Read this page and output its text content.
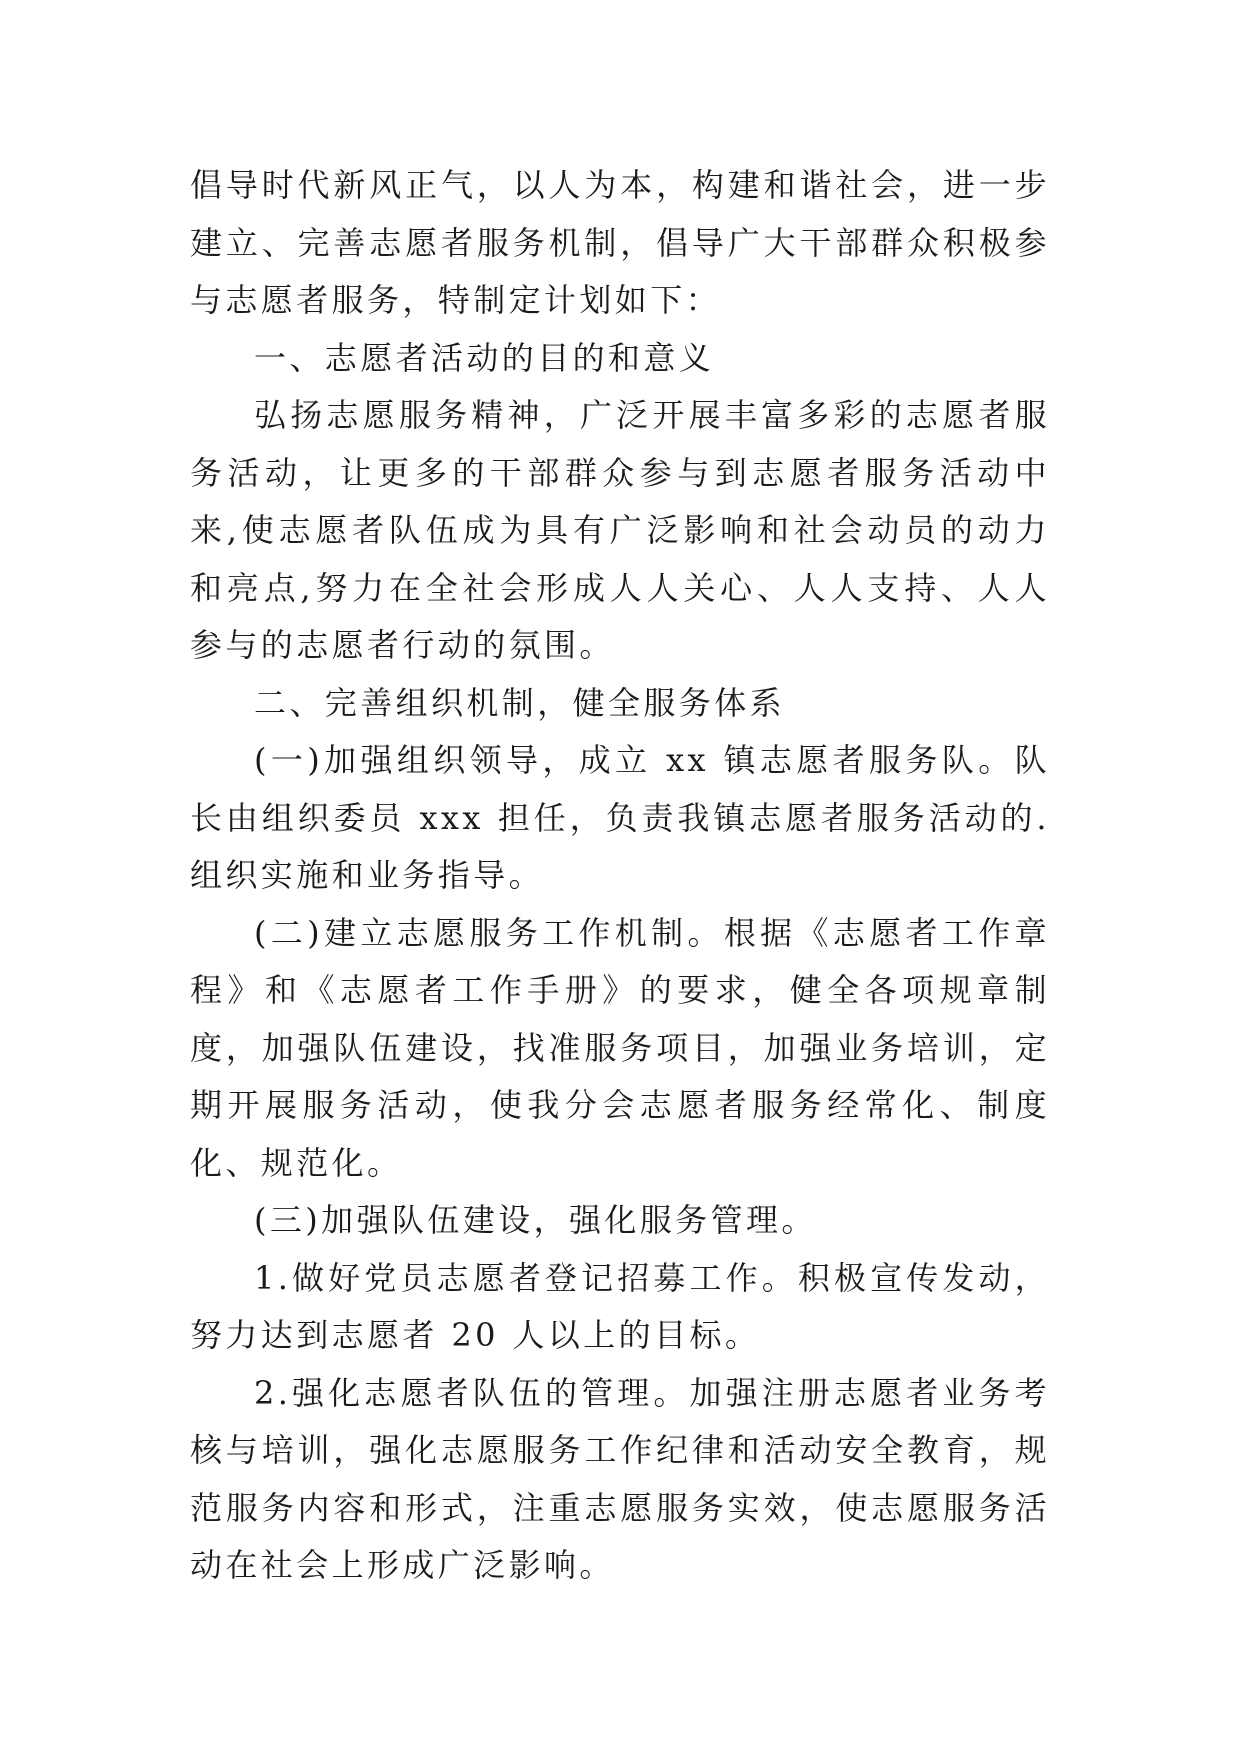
倡导时代新风正气，以人为本，构建和谐社会，进一步建立、完善志愿者服务机制，倡导广大干部群众积极参与志愿者服务，特制定计划如下：

一、志愿者活动的目的和意义

弘扬志愿服务精神，广泛开展丰富多彩的志愿者服务活动，让更多的干部群众参与到志愿者服务活动中来,使志愿者队伍成为具有广泛影响和社会动员的动力和亮点,努力在全社会形成人人关心、人人支持、人人参与的志愿者行动的氛围。

二、完善组织机制，健全服务体系

(一)加强组织领导，成立 xx 镇志愿者服务队。队长由组织委员 xxx 担任，负责我镇志愿者服务活动的.组织实施和业务指导。

(二)建立志愿服务工作机制。根据《志愿者工作章程》和《志愿者工作手册》的要求，健全各项规章制度，加强队伍建设，找准服务项目，加强业务培训，定期开展服务活动，使我分会志愿者服务经常化、制度化、规范化。

(三)加强队伍建设，强化服务管理。

1.做好党员志愿者登记招募工作。积极宣传发动，努力达到志愿者 20 人以上的目标。

2.强化志愿者队伍的管理。加强注册志愿者业务考核与培训，强化志愿服务工作纪律和活动安全教育，规范服务内容和形式，注重志愿服务实效，使志愿服务活动在社会上形成广泛影响。
